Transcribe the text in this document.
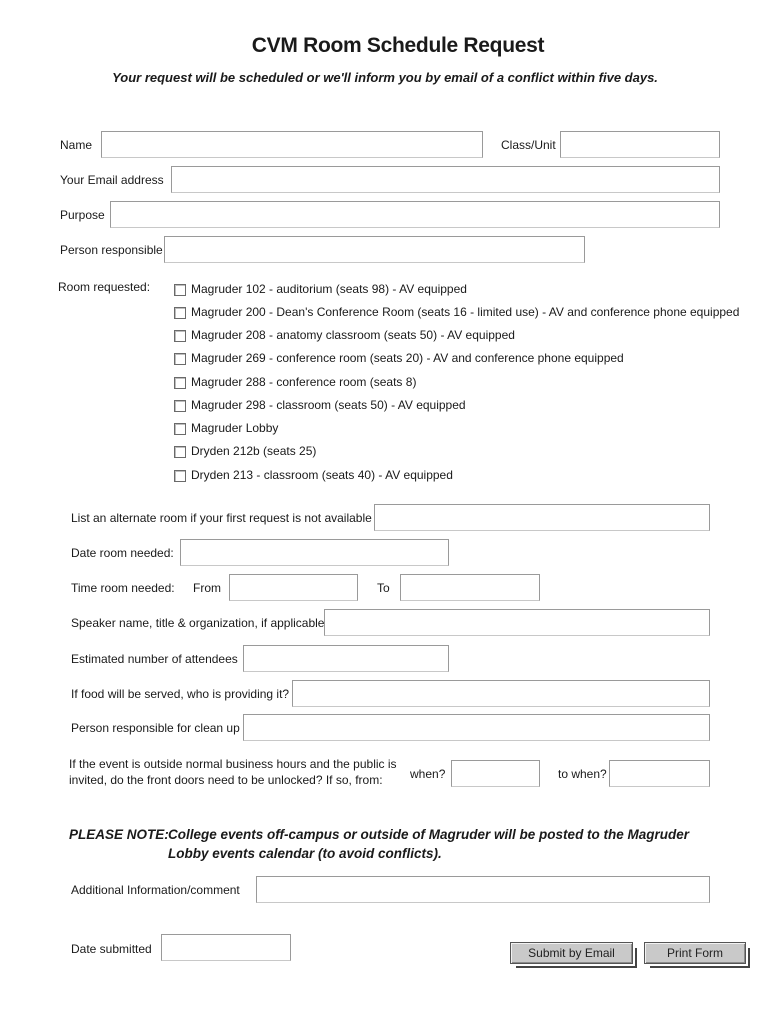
CVM Room Schedule Request
Your request will be scheduled or we'll inform you by email of a conflict within five days.
Name	Class/Unit
Your Email address
Purpose
Person responsible
Room requested:	Magruder 102 - auditorium (seats 98) - AV equipped
Magruder 200 - Dean's Conference Room (seats 16 - limited use) - AV and conference phone equipped
Magruder 208 - anatomy classroom (seats 50) - AV equipped
Magruder 269 - conference room (seats 20) - AV and conference phone equipped
Magruder 288 - conference room (seats 8)
Magruder 298 - classroom (seats 50) - AV equipped
Magruder Lobby
Dryden 212b (seats 25)
Dryden 213 - classroom (seats 40) - AV equipped
List an alternate room if your first request is not available
Date room needed:
Time room needed: From	To
Speaker name, title & organization, if applicable
Estimated number of attendees
If food will be served, who is providing it?
Person responsible for clean up
If the event is outside normal business hours and the public is
invited, do the front doors need to be unlocked? If so, from: when?	to when?
PLEASE NOTE: College events off-campus or outside of Magruder will be posted to the Magruder
Lobby events calendar (to avoid conflicts).
Additional Information/comment
Date submitted	Submit by Email	Print Form
